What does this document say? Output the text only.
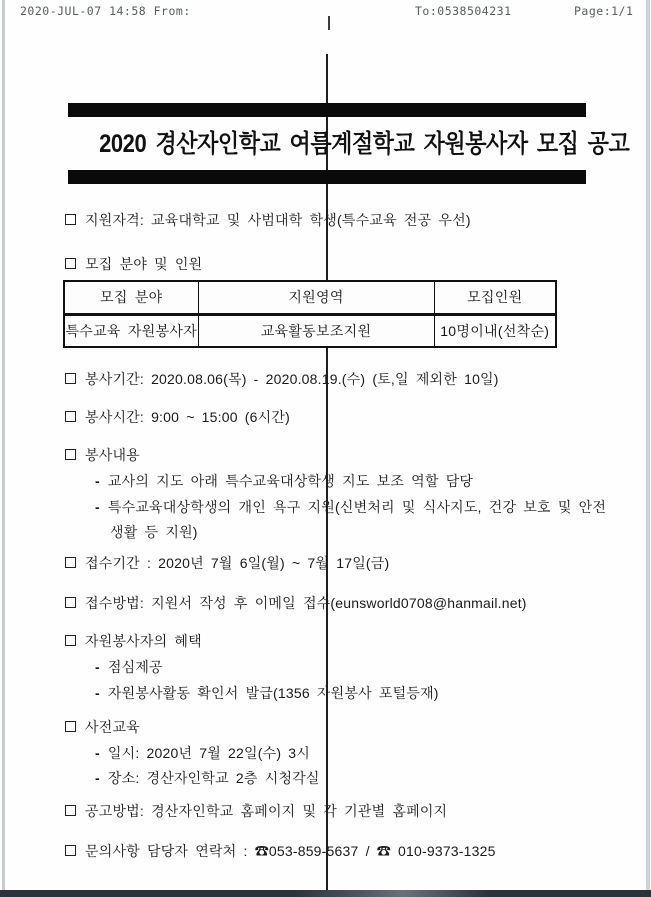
2020-JUL-07 14:58 From:	To:0538504231	Page:1/1
2020 경산자인학교 여름계절학교 자원봉사자 모집 공고
지원자격: 교육대학교 및 사범대학 학생(특수교육 전공 우선)
모집 분야 및 인원
모집 분야	지원영역	모집인원
특수교육 자원봉사자	교육활동보조지원	10명이내(선착순)
봉사기간: 2020.08.06(목) - 2020.08.19.(수) (토,일 제외한 10일)
봉사시간: 9:00 ~ 15:00 (6시간)
봉사내용
- 교사의 지도 아래 특수교육대상학생 지도 보조 역할 담당
- 특수교육대상학생의 개인 욕구 지원(신변처리 및 식사지도, 건강 보호 및 안전
생활 등 지원)
접수기간 : 2020년 7월 6일(월) ~ 7월 17일(금)
접수방법: 지원서 작성 후 이메일 접수(eunsworld0708@hanmail.net)
자원봉사자의 혜택
- 점심제공
- 자원봉사활동 확인서 발급(1356 자원봉사 포털등재)
사전교육
- 일시: 2020년 7월 22일(수) 3시
- 장소: 경산자인학교 2층 시청각실
공고방법: 경산자인학교 홈페이지 및 각 기관별 홈페이지
문의사항 담당자 연락처 : ☎053-859-5637 / ☎ 010-9373-1325
